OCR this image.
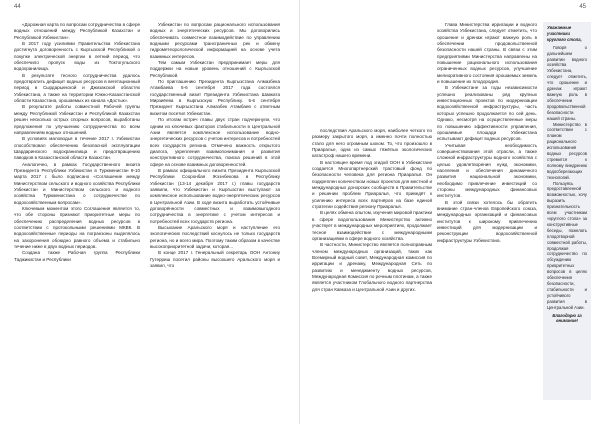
44

«Дорожная карта по вопросам сотрудничества в сфере водных отношений между Республикой Казахстан и Республикой Узбекистан».

В 2017 году усилиями Правительства Узбекистана достигнута договоренность с Кыргызской Республикой о покупке электрической энергии в летний период, что обеспечило пропуск воды из Токтогульского водохранилища.

В результате тесного сотрудничества удалось предотвратить дефицит водных ресурсов в вегетационный период в Сырдарьинской и Джизакской областях Узбекистана, а также на территории Южно-Казахстанской области Казахстана, орошаемых из канала «Достык».

В результате работы совместной Рабочей группы между Республикой Узбекистан и Республикой Казахстан решен несколько острых спорных вопросов, выработаны предложения по улучшению сотрудничества по всем направлениям водных отношений.

В условиях маловодья в течение 2017 г. Узбекистан способствовал обеспечению безопасной эксплуатации Шардаринского водохранилища и предотвращению паводков в Казахстанской области Казахстан.

Аналогично, в рамках Государственного визита Президента Республики Узбекистан в Туркменистан 9-10 марта 2017 г. было подписано «Соглашение между Министерством сельского и водного хозяйства Республики Узбекистан и Министерством сельского и водного хозяйства Туркменистана о сотрудничестве по водохозяйственным вопросам».

Ключевым моментом этого Соглашения является то, что обе стороны признают приоритетные меры по обеспечению распределения водных ресурсов в соответствии с протокольными решениями МКВК. В водохозяйственные периоды на погранзоны выделялось на захоронения обоюдно равного объема и стабильно течение ниже в двух водных периодов.

Создана также Рабочая группа Республики Таджикистан и Республики

Узбекистан по вопросам рационального использования водных и энергетических ресурсов. Мы договорились обеспечивать совместное взаимодействие по управлению водными ресурсами трансграничных рек и обмену гидрометеорологической информацией на основе учета взаимных интересов.

Тем самым Узбекистан предпринимает меры для поддержки на новые уровень отношений с Кыргызской Республикой.

По приглашению Президента Кыргызстана Алмазбека Атамбаева 5-6 сентября 2017 года состоялся государственный визит Президента Узбекистана Шавката Мирзиёева в Кыргызскую Республику. 5-6 сентября Президент Кыргызстана Алмазбек Атамбаев с ответным визитом посетил Узбекистан.

По итогам встреч главы двух стран подчеркнули, что одним из ключевых факторов стабильности в Центральной Азии является комплексное использование водно-энергетических ресурсов с учетом интересов и потребностей всех государств региона. Отмечено важность открытого диалога, укрепления взаимопонимания и развития конструктивного сотрудничества, поиска решений в этой сфере на основе взаимных договоренностей.

В рамках официального визита Президента Кыргызской Республики Сооронбая Жээнбекова в Республику Узбекистан (13-14 декабря 2017 г.) главы государств заявили, что Узбекистан и Кыргызстан выступают за комплексное использование водно-энергетических ресурсов в Центральной Азии. В ходе визита выработать устойчивые договорённости совместных и взаимовыгодного сотрудничества в энергетике с учетом интересов и потребностей всех государств региона.

Высыхание Аральского моря и наступление его экологических последствий коснулось не только государств региона, но и всего мира. Поэтому таким образом в качестве высокоприоритетной задачи, которая...

В конце 2017 г. Генеральный секретарь ООН Антониу Гутерриш посетил районы высохшего Аральского моря и заявил, что

45

последствия Аральского моря, наиболее четкого по размеру закрытого моря, а именно почти полностью стало для него огромным шоком. То, что произошло в Приаралье, одна из самых тяжёлых экологических катастроф нашего времени.

В настоящее время под эгидой ООН в Узбекистане создается Многопартнерский трастовый фонд по безопасности человека для региона Приаралья. Он подкреплен количеством новых проектов для местной и международных донорских сообществ в Правительстве и решении проблем Приаралья, что приведёт к усилению интереса всех партнёров на базе единой стратегии содействия региону Приаралья.

В целях обмена опытом, изучения мировой практики в сфере водопользования Министерство активно участвует в международных мероприятиях, продолжает тесное взаимодействие с международными организациями в сфере водного хозяйства.

В частности, Министерство является полноправным членом международных организаций, таких как Всемирный водный совет, Международная комиссия по ирригации и дренажу, Международная Сеть по развитию и менеджменту водных ресурсов, Международная Комиссия по речным плотинам, а также является участником Глобального водного партнерства для стран Кавказа и Центральной Азии и других.

Глава Министерства ирригации и водного хозяйства Узбекистана, следует отметить, что орошение и дренаж играют важную роль в обеспечении продовольственной безопасности нашей страны. В связи с этим предприятиями Министерства направлены на повышение рационального использования ограниченных водных ресурсов, улучшение мелиоративного состояния орошаемых земель и повышение их плодородия.

В Узбекистане за годы независимости успешно реализованы ряд крупных инвестиционных проектов по модернизации водохозяйственной инфраструктуры, часть которых успешно продолжается по сей день. Однако, несмотря на осуществленные меры по повышению эффективности управления, орошаемые площади Узбекистана испытывают дефицит водных ресурсов.

Учитывая необходимость совершенствования этой отрасли, а также сложной инфраструктуры водного хозяйства с целью удовлетворения нужд экономики, населения и обеспечения динамичного развития национальной экономики, необходимо привлечение инвестиций со стороны международных финансовых институтов.

В этой связи хотелось бы обратить внимание стран-членов Европейского союза, международных организаций и финансовых институтов к широкому привлечению инвестиций для модернизации и реконструкции водохозяйственной инфраструктуры Узбекистана.

Уважаемые участники круглого стола,

Говоря о дальнейшем развитии водного хозяйства Узбекистана, следует отметить, что орошение и дренаж играют важную роль в обеспечении продовольственной безопасности нашей страны.

Министерство в соответствии с планом рационального использования водных ресурсов стремится к полному внедрению водосберегающих технологий.

Пользуясь предоставленной возможностью, хочу выразить признательность всем участникам «круглого стола» за конструктивные беседы, пожелать плодотворной совместной работы, продолжая сотрудничество по обсуждению приоритетных вопросов в целях обеспечения безопасности, стабильности и устойчивого развития в Центральной Азии.

Благодарю за внимание!
